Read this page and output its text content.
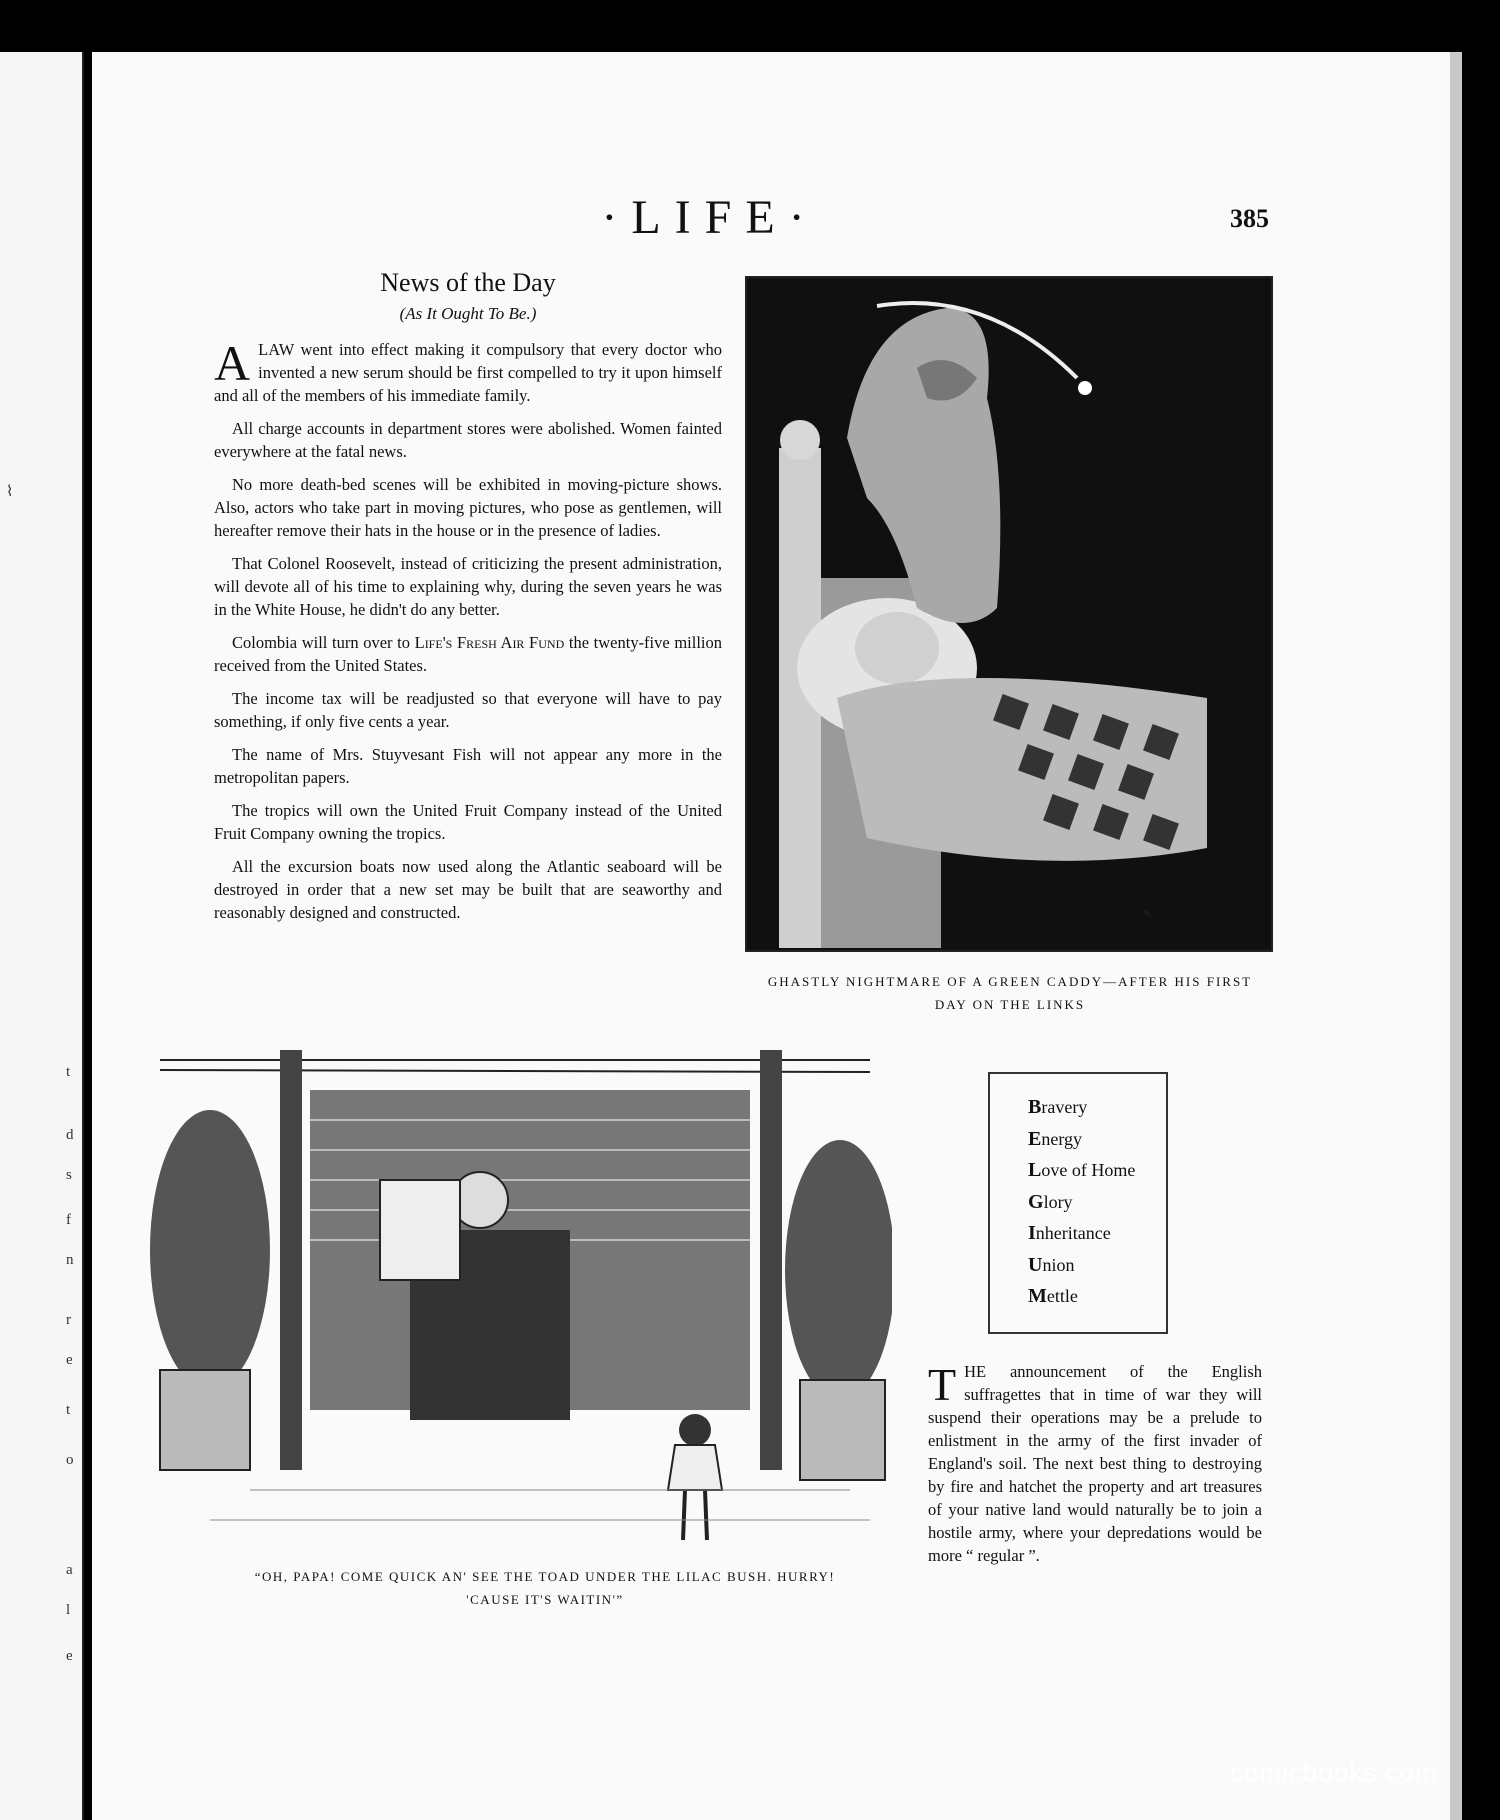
⌇
t
d
s
f
n
r
e
t
o
a
l
e
·LIFE·	385
News of the Day
(As It Ought To Be.)

ALAW went into effect making it compulsory that every doctor who invented a new serum should be first compelled to try it upon himself and all of the members of his immediate family.

All charge accounts in department stores were abolished. Women fainted everywhere at the fatal news.

No more death-bed scenes will be exhibited in moving-picture shows. Also, actors who take part in moving pictures, who pose as gentlemen, will hereafter remove their hats in the house or in the presence of ladies.

That Colonel Roosevelt, instead of criticizing the present administration, will devote all of his time to explaining why, during the seven years he was in the White House, he didn't do any better.

Colombia will turn over to Life's Fresh Air Fund the twenty-five million received from the United States.

The income tax will be readjusted so that everyone will have to pay something, if only five cents a year.

The name of Mrs. Stuyvesant Fish will not appear any more in the metropolitan papers.

The tropics will own the United Fruit Company instead of the United Fruit Company owning the tropics.

All the excursion boats now used along the Atlantic seaboard will be destroyed in order that a new set may be built that are seaworthy and reasonably designed and constructed.	✎
GHASTLY NIGHTMARE OF A GREEN CADDY—AFTER HIS FIRST
DAY ON THE LINKS
“OH, PAPA! COME QUICK AN' SEE THE TOAD UNDER THE LILAC BUSH. HURRY!
'CAUSE IT'S WAITIN'”
Bravery
Energy
Love of Home
Glory
Inheritance
Union
Mettle
THE announcement of the English suffragettes that in time of war they will suspend their operations may be a prelude to enlistment in the army of the first invader of England's soil. The next best thing to destroying by fire and hatchet the property and art treasures of your native land would naturally be to join a hostile army, where your depredations would be more “ regular ”.
comicbooks.com
